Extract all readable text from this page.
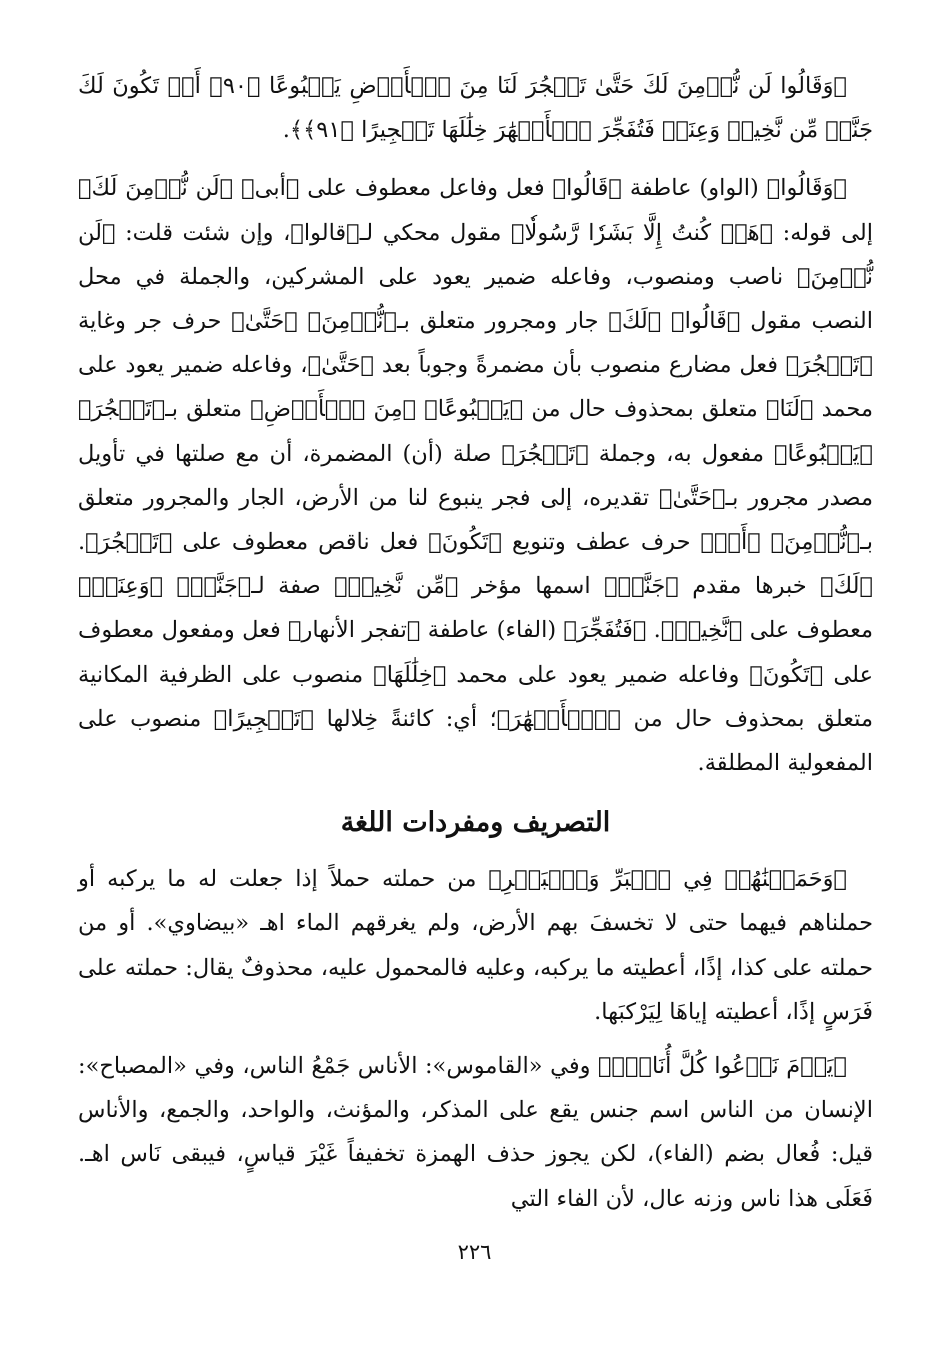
﴿وَقَالُوا لَن نُّؤۡمِنَ لَكَ حَتَّىٰ تَفۡجُرَ لَنَا مِنَ ٱلۡأَرۡضِ يَنۢبُوعًا ﴿٩٠﴾ أَوۡ تَكُونَ لَكَ جَنَّةٞ مِّن نَّخِيلٖ وَعِنَبٖ فَتُفَجِّرَ ٱلۡأَنۡهَٰرَ خِلَٰلَهَا تَفۡجِيرًا ﴿٩١﴾﴾.

﴿وَقَالُوا﴾ (الواو) عاطفة ﴿قَالُوا﴾ فعل وفاعل معطوف على ﴿أبى﴾ ﴿لَن نُّؤۡمِنَ لَكَ﴾ إلى قوله: ﴿هَلۡ كُنتُ إِلَّا بَشَرٗا رَّسُولٗا﴾ مقول محكي لـ﴿قالوا﴾، وإن شئت قلت: ﴿لَن نُّؤۡمِنَ﴾ ناصب ومنصوب، وفاعله ضمير يعود على المشركين، والجملة في محل النصب مقول ﴿قَالُوا﴾ ﴿لَكَ﴾ جار ومجرور متعلق بـ﴿نُّؤۡمِنَ﴾ ﴿حَتَّىٰ﴾ حرف جر وغاية ﴿تَفۡجُرَ﴾ فعل مضارع منصوب بأن مضمرةً وجوباً بعد ﴿حَتَّىٰ﴾، وفاعله ضمير يعود على محمد ﴿لَنَا﴾ متعلق بمحذوف حال من ﴿يَنۢبُوعًا﴾ ﴿مِنَ ٱلۡأَرۡضِ﴾ متعلق بـ﴿تَفۡجُرَ﴾ ﴿يَنۢبُوعًا﴾ مفعول به، وجملة ﴿تَفۡجُرَ﴾ صلة (أن) المضمرة، أن مع صلتها في تأويل مصدر مجرور بـ﴿حَتَّىٰ﴾ تقديره، إلى فجر ينبوع لنا من الأرض، الجار والمجرور متعلق بـ﴿نُّؤۡمِنَ﴾ ﴿أَوۡ﴾ حرف عطف وتنويع ﴿تَكُونَ﴾ فعل ناقص معطوف على ﴿تَفۡجُرَ﴾. ﴿لَكَ﴾ خبرها مقدم ﴿جَنَّةٞ﴾ اسمها مؤخر ﴿مِّن نَّخِيلٖ﴾ صفة لـ﴿جَنَّةٞ﴾ ﴿وَعِنَبٖ﴾ معطوف على ﴿نَّخِيلٖ﴾. ﴿فَتُفَجِّرَ﴾ (الفاء) عاطفة ﴿تفجر الأنهار﴾ فعل ومفعول معطوف على ﴿تَكُونَ﴾ وفاعله ضمير يعود على محمد ﴿خِلَٰلَهَا﴾ منصوب على الظرفية المكانية متعلق بمحذوف حال من ﴿ٱلۡأَنۡهَٰرَ﴾؛ أي: كائنةً خِلالها ﴿تَفۡجِيرًا﴾ منصوب على المفعولية المطلقة.

التصريف ومفردات اللغة

﴿وَحَمَلۡنَٰهُمۡ فِي ٱلۡبَرِّ وَٱلۡبَحۡرِ﴾ من حملته حملاً إذا جعلت له ما يركبه أو حملناهم فيهما حتى لا تخسفَ بهم الأرض، ولم يغرقهم الماء اهـ «بيضاوي». أو من حملته على كذا، إذًا، أعطيته ما يركبه، وعليه فالمحمول عليه، محذوفٌ يقال: حملته على فَرَسٍ إذًا، أعطيته إياهَا لِيَرْكبَها.

﴿يَوۡمَ نَدۡعُوا كُلَّ أُنَاسِۢ﴾ وفي «القاموس»: الأناس جَمْعُ الناس، وفي «المصباح»: الإنسان من الناس اسم جنس يقع على المذكر، والمؤنث، والواحد، والجمع، والأناس قيل: فُعال بضم (الفاء)، لكن يجوز حذف الهمزة تخفيفاً غَيْرَ قياسٍ، فيبقى نَاس اهـ. فَعَلَى هذا ناس وزنه عال، لأن الفاء التي

٢٢٦
